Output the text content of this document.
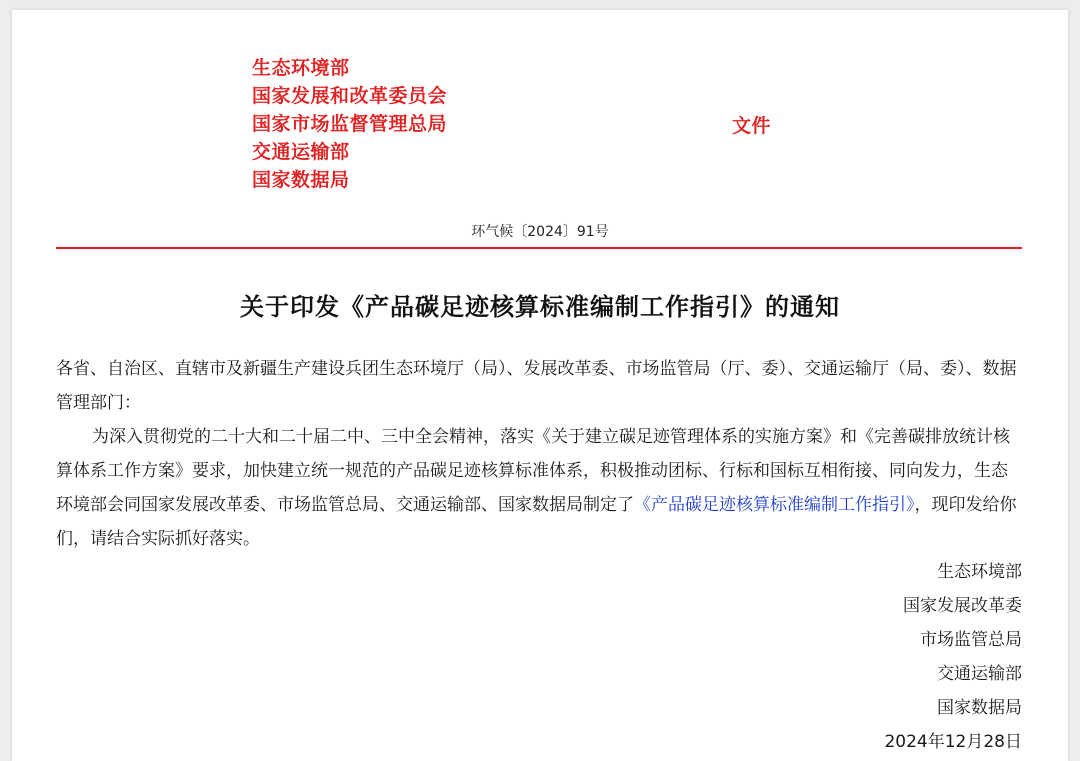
生态环境部
国家发展和改革委员会
国家市场监督管理总局
交通运输部
国家数据局
文件
环气候〔2024〕91号
关于印发《产品碳足迹核算标准编制工作指引》的通知

各省、自治区、直辖市及新疆生产建设兵团生态环境厅（局）、发展改革委、市场监管局（厅、委）、交通运输厅（局、委）、数据管理部门：

为深入贯彻党的二十大和二十届二中、三中全会精神，落实《关于建立碳足迹管理体系的实施方案》和《完善碳排放统计核算体系工作方案》要求，加快建立统一规范的产品碳足迹核算标准体系，积极推动团标、行标和国标互相衔接、同向发力，生态环境部会同国家发展改革委、市场监管总局、交通运输部、国家数据局制定了《产品碳足迹核算标准编制工作指引》，现印发给你们，请结合实际抓好落实。

生态环境部
国家发展改革委
市场监管总局
交通运输部
国家数据局
2024年12月28日
